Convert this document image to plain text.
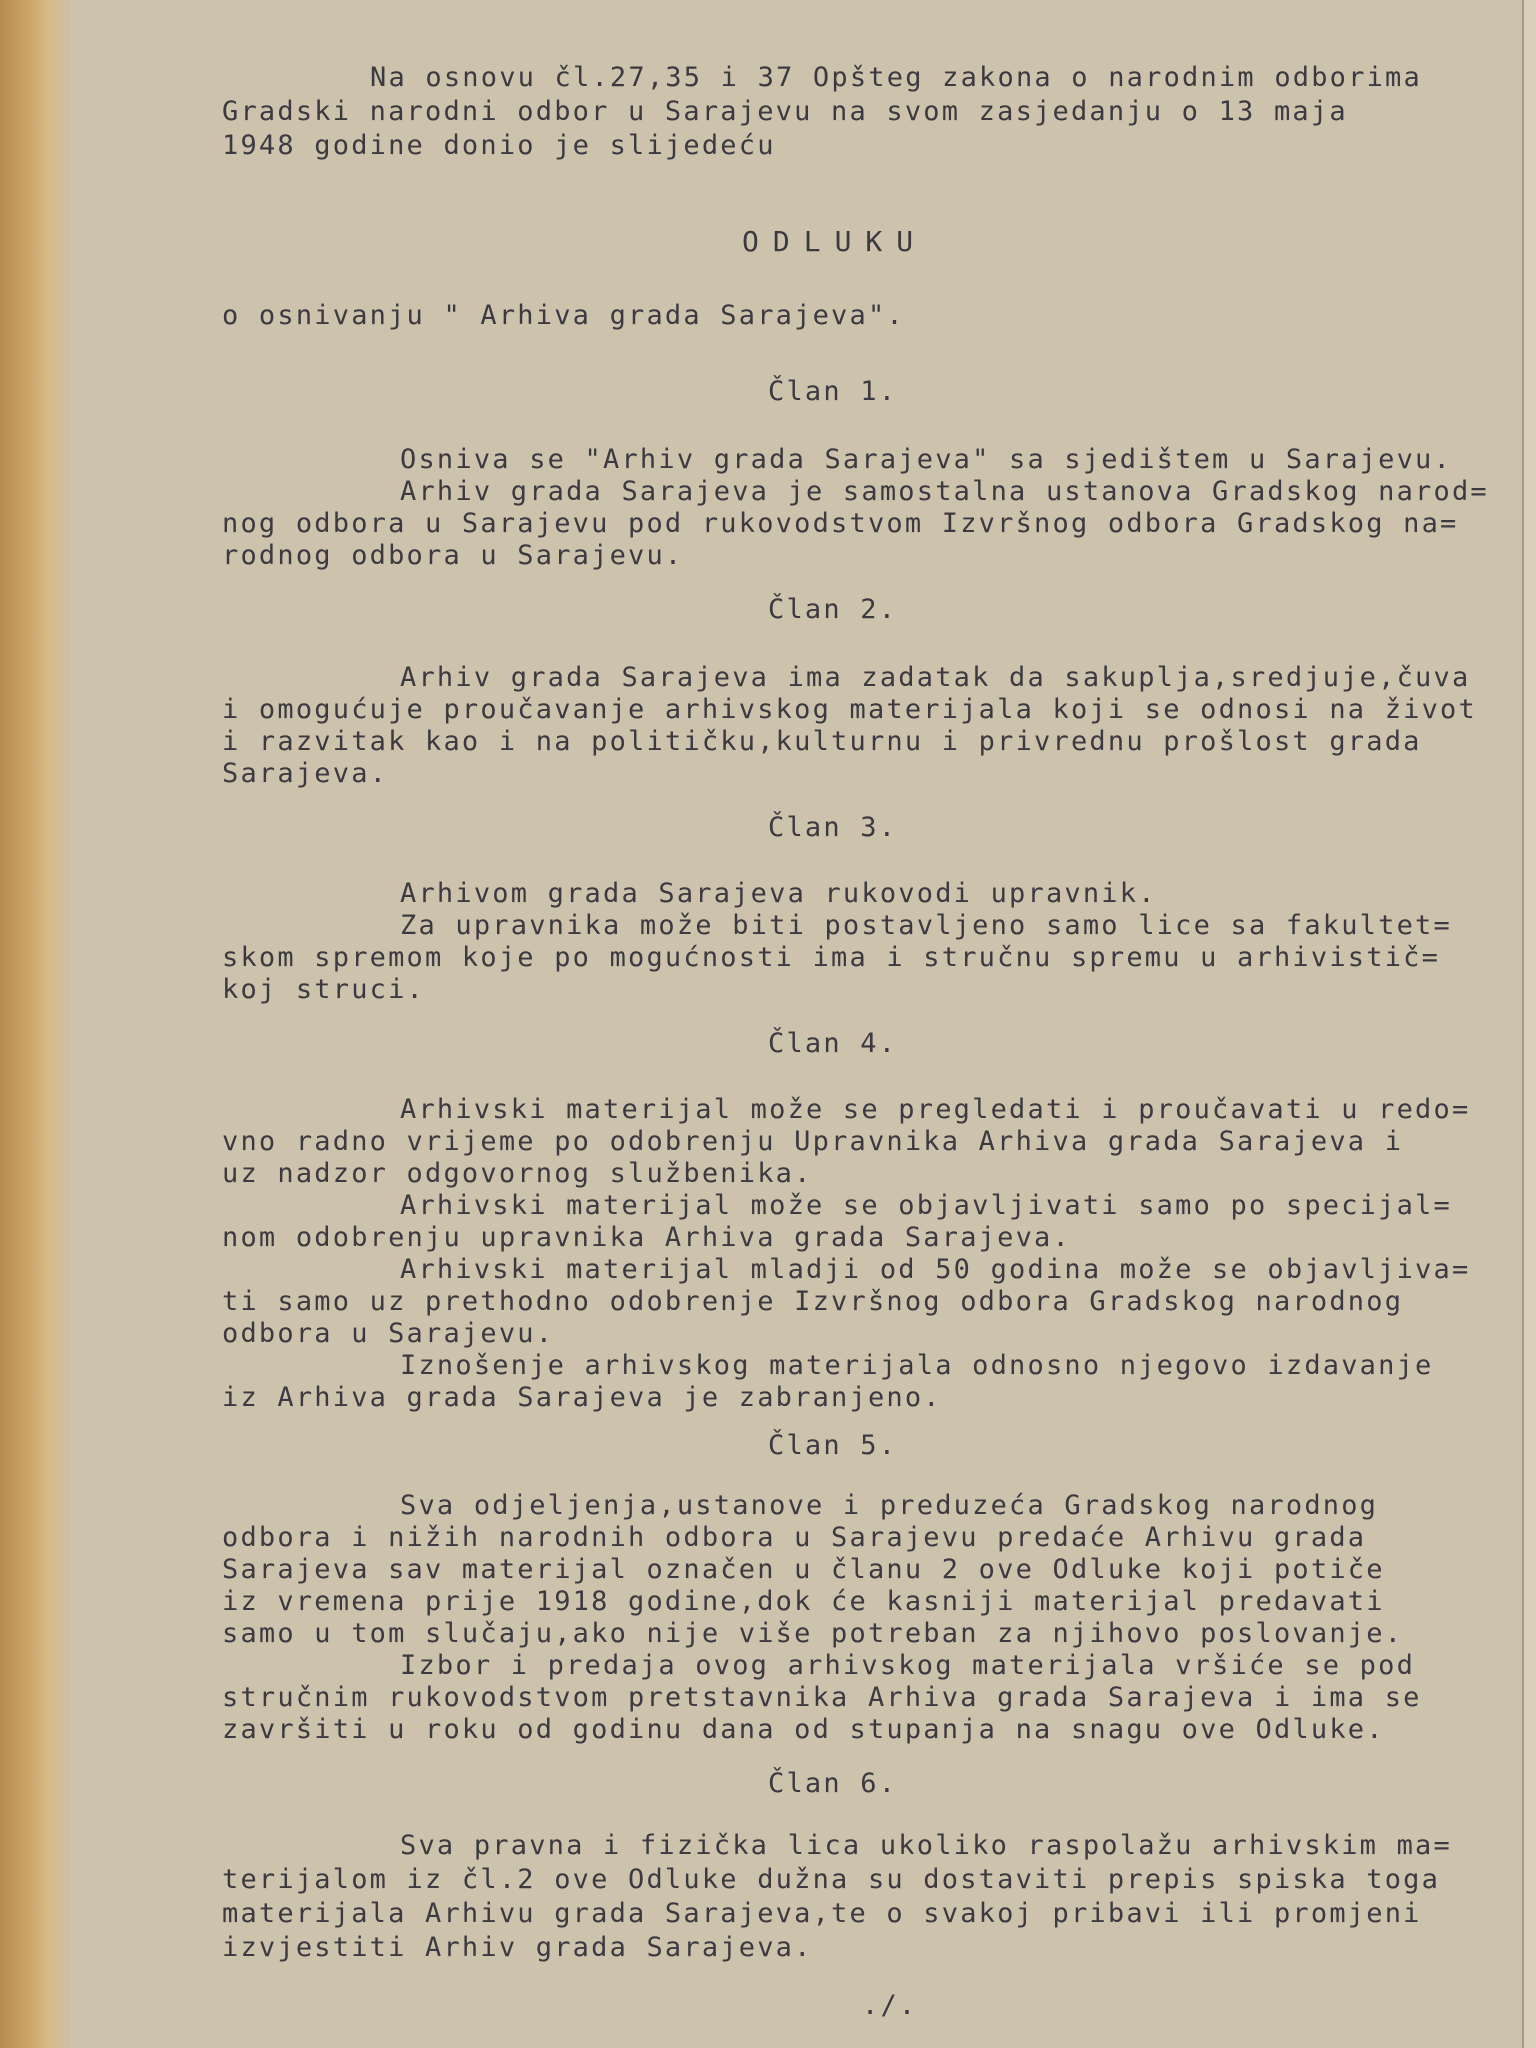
Na osnovu čl.27,35 i 37 Opšteg zakona o narodnim odborima
Gradski narodni odbor u Sarajevu na svom zasjedanju o 13 maja
1948 godine donio je slijedeću
ODLUKU
o osnivanju " Arhiva grada Sarajeva".
Član 1.
Osniva se "Arhiv grada Sarajeva" sa sjedištem u Sarajevu.
Arhiv grada Sarajeva je samostalna ustanova Gradskog narod=
nog odbora u Sarajevu pod rukovodstvom Izvršnog odbora Gradskog na=
rodnog odbora u Sarajevu.
Član 2.
Arhiv grada Sarajeva ima zadatak da sakuplja,sredjuje,čuva
i omogućuje proučavanje arhivskog materijala koji se odnosi na život
i razvitak kao i na političku,kulturnu i privrednu prošlost grada
Sarajeva.
Član 3.
Arhivom grada Sarajeva rukovodi upravnik.
Za upravnika može biti postavljeno samo lice sa fakultet=
skom spremom koje po mogućnosti ima i stručnu spremu u arhivistič=
koj struci.
Član 4.
Arhivski materijal može se pregledati i proučavati u redo=
vno radno vrijeme po odobrenju Upravnika Arhiva grada Sarajeva i
uz nadzor odgovornog službenika.
Arhivski materijal može se objavljivati samo po specijal=
nom odobrenju upravnika Arhiva grada Sarajeva.
Arhivski materijal mladji od 50 godina može se objavljiva=
ti samo uz prethodno odobrenje Izvršnog odbora Gradskog narodnog
odbora u Sarajevu.
Iznošenje arhivskog materijala odnosno njegovo izdavanje
iz Arhiva grada Sarajeva je zabranjeno.
Član 5.
Sva odjeljenja,ustanove i preduzeća Gradskog narodnog
odbora i nižih narodnih odbora u Sarajevu predaće Arhivu grada
Sarajeva sav materijal označen u članu 2 ove Odluke koji potiče
iz vremena prije 1918 godine,dok će kasniji materijal predavati
samo u tom slučaju,ako nije više potreban za njihovo poslovanje.
Izbor i predaja ovog arhivskog materijala vršiće se pod
stručnim rukovodstvom pretstavnika Arhiva grada Sarajeva i ima se
završiti u roku od godinu dana od stupanja na snagu ove Odluke.
Član 6.
Sva pravna i fizička lica ukoliko raspolažu arhivskim ma=
terijalom iz čl.2 ove Odluke dužna su dostaviti prepis spiska toga
materijala Arhivu grada Sarajeva,te o svakoj pribavi ili promjeni
izvjestiti Arhiv grada Sarajeva.
./.
